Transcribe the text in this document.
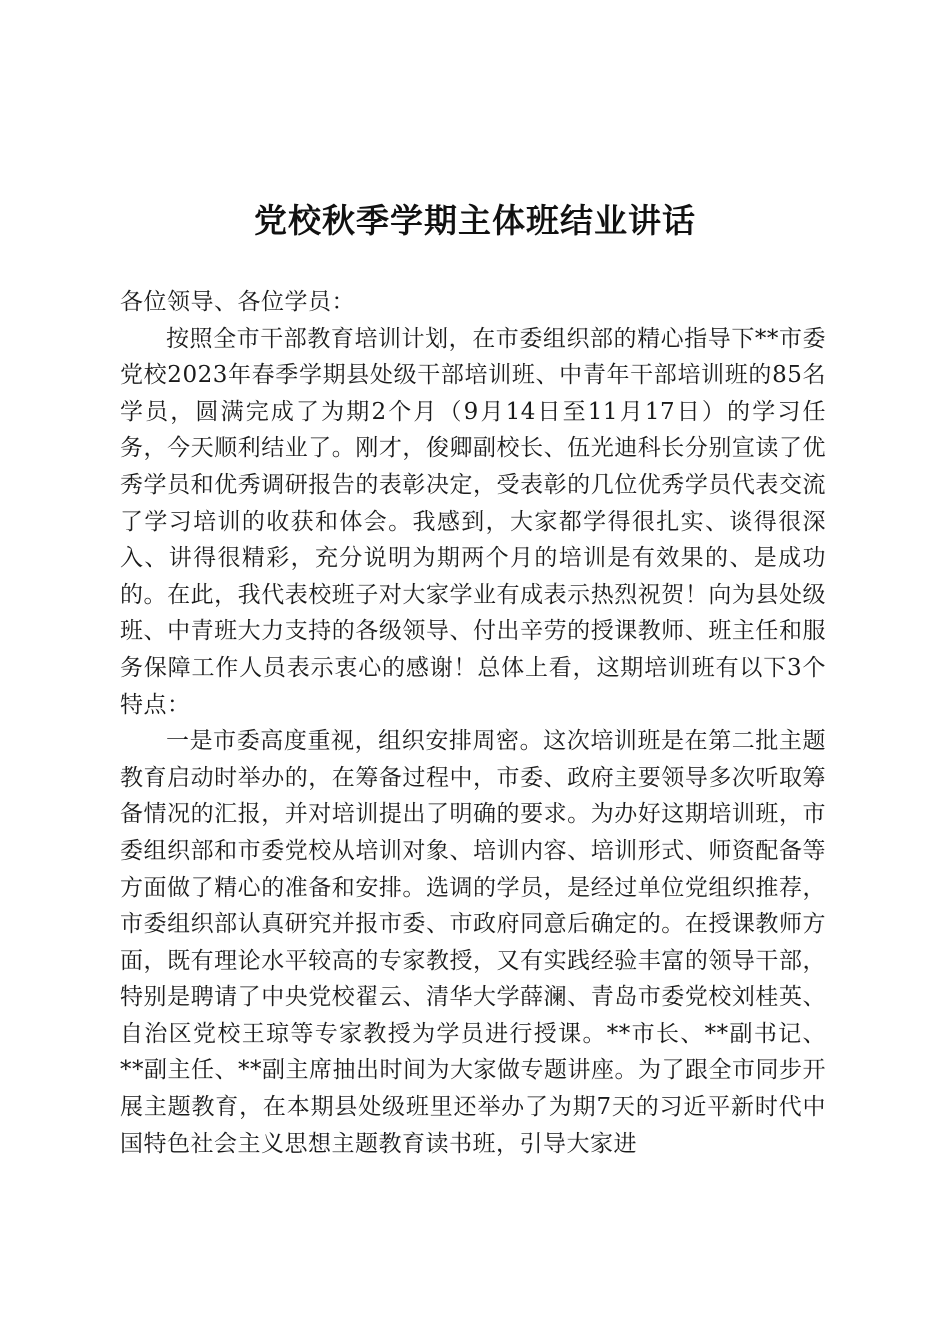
党校秋季学期主体班结业讲话

各位领导、各位学员：

按照全市干部教育培训计划，在市委组织部的精心指导下**市委党校2023年春季学期县处级干部培训班、中青年干部培训班的85名学员，圆满完成了为期2个月（9月14日至11月17日）的学习任务，今天顺利结业了。刚才，俊卿副校长、伍光迪科长分别宣读了优秀学员和优秀调研报告的表彰决定，受表彰的几位优秀学员代表交流了学习培训的收获和体会。我感到，大家都学得很扎实、谈得很深入、讲得很精彩，充分说明为期两个月的培训是有效果的、是成功的。在此，我代表校班子对大家学业有成表示热烈祝贺！向为县处级班、中青班大力支持的各级领导、付出辛劳的授课教师、班主任和服务保障工作人员表示衷心的感谢！总体上看，这期培训班有以下3个特点：

一是市委高度重视，组织安排周密。这次培训班是在第二批主题教育启动时举办的，在筹备过程中，市委、政府主要领导多次听取筹备情况的汇报，并对培训提出了明确的要求。为办好这期培训班，市委组织部和市委党校从培训对象、培训内容、培训形式、师资配备等方面做了精心的准备和安排。选调的学员，是经过单位党组织推荐，市委组织部认真研究并报市委、市政府同意后确定的。在授课教师方面，既有理论水平较高的专家教授，又有实践经验丰富的领导干部，特别是聘请了中央党校翟云、清华大学薛澜、青岛市委党校刘桂英、自治区党校王琼等专家教授为学员进行授课。**市长、**副书记、**副主任、**副主席抽出时间为大家做专题讲座。为了跟全市同步开展主题教育，在本期县处级班里还举办了为期7天的习近平新时代中国特色社会主义思想主题教育读书班，引导大家进
